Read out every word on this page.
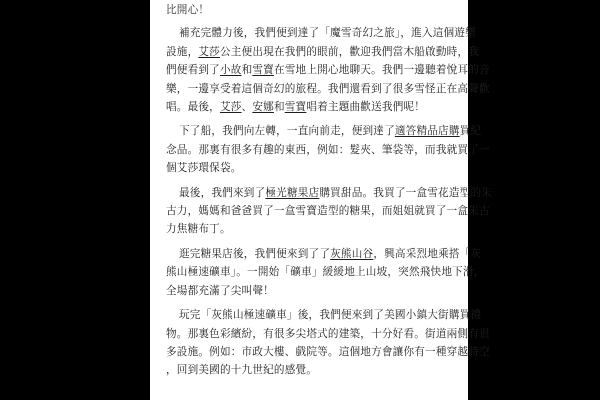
比開心！
補充完體力後，我們便到達了「魔雪奇幻之旅」，進入這個遊樂
設施，艾莎公主便出現在我們的眼前，歡迎我們當木船啟動時，我
們便看到了小故和雪寶在雪地上開心地聊天。我們一邊聽着悅耳的音
樂，一邊享受着這個奇幻的旅程。我們還看到了很多雪怪正在高聲歡
唱。最後，艾莎、安娜和雪寶唱着主題曲歡送我們呢！
下了船，我們向左轉，一直向前走，便到達了適答精品店購買紀
念品。那裏有很多有趣的東西，例如：髮夾、筆袋等，而我就買了一
個艾莎環保袋。
最後，我們來到了極光糖果店購買甜品。我買了一盒雪花造型的朱
古力，媽媽和爸爸買了一盒雪寶造型的糖果，而姐姐就買了一盒朱古
力焦糖布丁。
逛完糖果店後，我們便來到了了灰熊山谷，興高采烈地乘搭「灰
熊山極速礦車」。一開始「礦車」緩緩地上山坡，突然飛快地下滑，
全場都充滿了尖叫聲！
玩完「灰熊山極速礦車」後，我們便來到了美國小鎮大街購買禮
物。那裏色彩繽紛，有很多尖塔式的建築，十分好看。街道兩側有很
多設施。例如：市政大樓、戲院等。這個地方會讓你有一種穿越時空
，回到美國的十九世紀的感覺。
